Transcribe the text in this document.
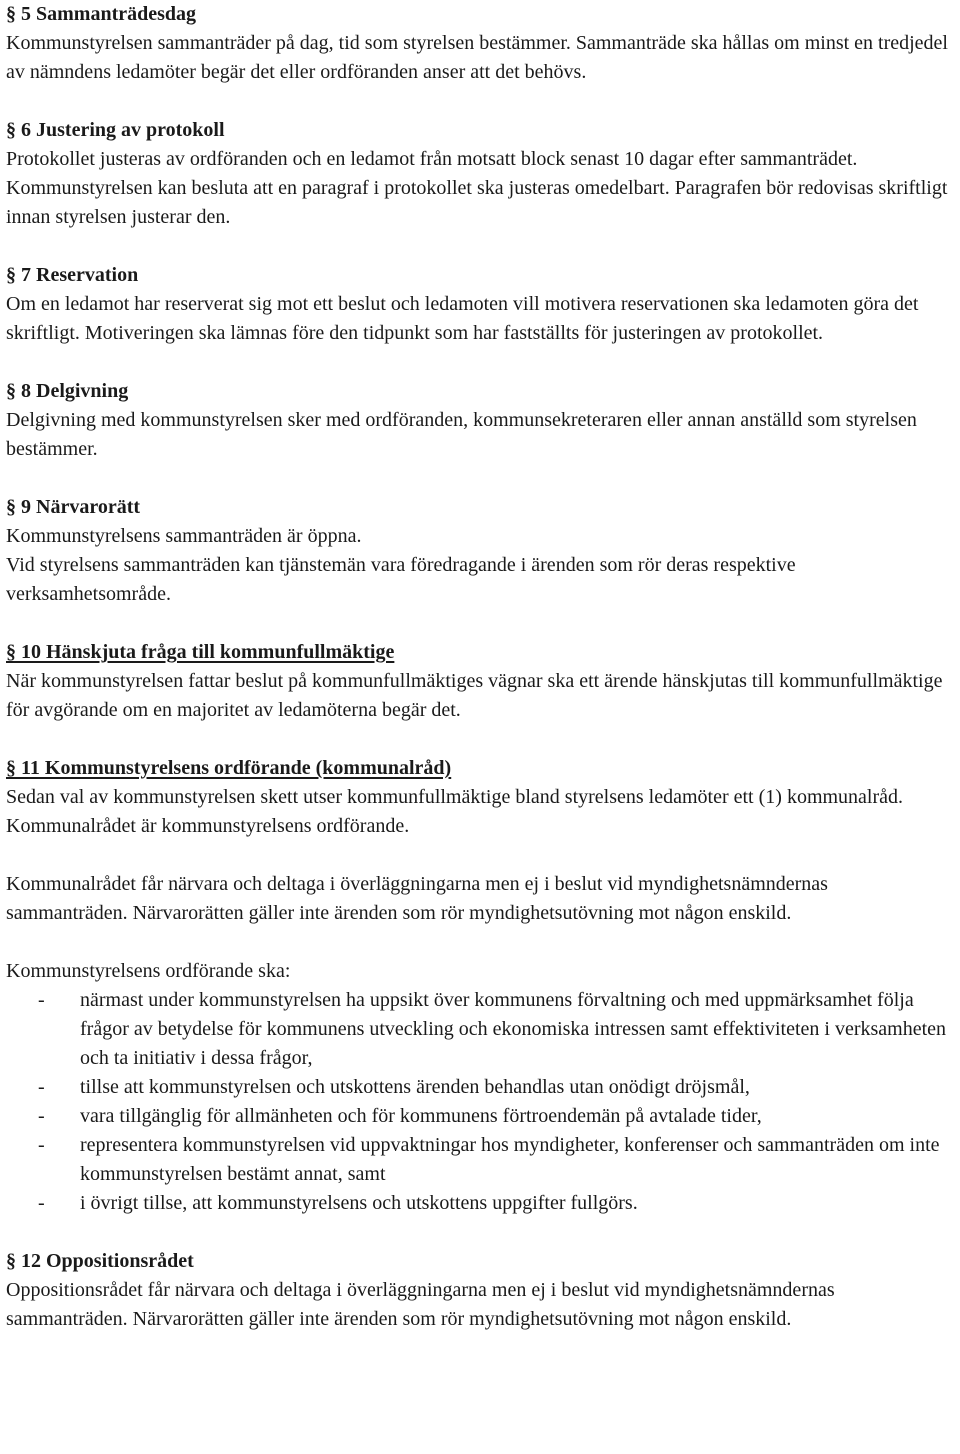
§ 5 Sammanträdesdag

Kommunstyrelsen sammanträder på dag, tid som styrelsen bestämmer. Sammanträde ska hållas om minst en tredjedel av nämndens ledamöter begär det eller ordföranden anser att det behövs.

§ 6 Justering av protokoll

Protokollet justeras av ordföranden och en ledamot från motsatt block senast 10 dagar efter sammanträdet. Kommunstyrelsen kan besluta att en paragraf i protokollet ska justeras omedelbart. Paragrafen bör redovisas skriftligt innan styrelsen justerar den.

§ 7 Reservation

Om en ledamot har reserverat sig mot ett beslut och ledamoten vill motivera reservationen ska ledamoten göra det skriftligt. Motiveringen ska lämnas före den tidpunkt som har fastställts för justeringen av protokollet.

§ 8 Delgivning

Delgivning med kommunstyrelsen sker med ordföranden, kommunsekreteraren eller annan anställd som styrelsen bestämmer.

§ 9 Närvarorätt

Kommunstyrelsens sammanträden är öppna.

Vid styrelsens sammanträden kan tjänstemän vara föredragande i ärenden som rör deras respektive verksamhetsområde.

§ 10 Hänskjuta fråga till kommunfullmäktige

När kommunstyrelsen fattar beslut på kommunfullmäktiges vägnar ska ett ärende hänskjutas till kommunfullmäktige för avgörande om en majoritet av ledamöterna begär det.

§ 11 Kommunstyrelsens ordförande (kommunalråd)

Sedan val av kommunstyrelsen skett utser kommunfullmäktige bland styrelsens ledamöter ett (1) kommunalråd. Kommunalrådet är kommunstyrelsens ordförande.

Kommunalrådet får närvara och deltaga i överläggningarna men ej i beslut vid myndighetsnämndernas sammanträden. Närvarorätten gäller inte ärenden som rör myndighetsutövning mot någon enskild.

Kommunstyrelsens ordförande ska:

-	närmast under kommunstyrelsen ha uppsikt över kommunens förvaltning och med uppmärksamhet följa frågor av betydelse för kommunens utveckling och ekonomiska intressen samt effektiviteten i verksamheten och ta initiativ i dessa frågor,
-	tillse att kommunstyrelsen och utskottens ärenden behandlas utan onödigt dröjsmål,
-	vara tillgänglig för allmänheten och för kommunens förtroendemän på avtalade tider,
-	representera kommunstyrelsen vid uppvaktningar hos myndigheter, konferenser och sammanträden om inte kommunstyrelsen bestämt annat, samt
-	i övrigt tillse, att kommunstyrelsens och utskottens uppgifter fullgörs.
§ 12 Oppositionsrådet

Oppositionsrådet får närvara och deltaga i överläggningarna men ej i beslut vid myndighetsnämndernas sammanträden. Närvarorätten gäller inte ärenden som rör myndighetsutövning mot någon enskild.
